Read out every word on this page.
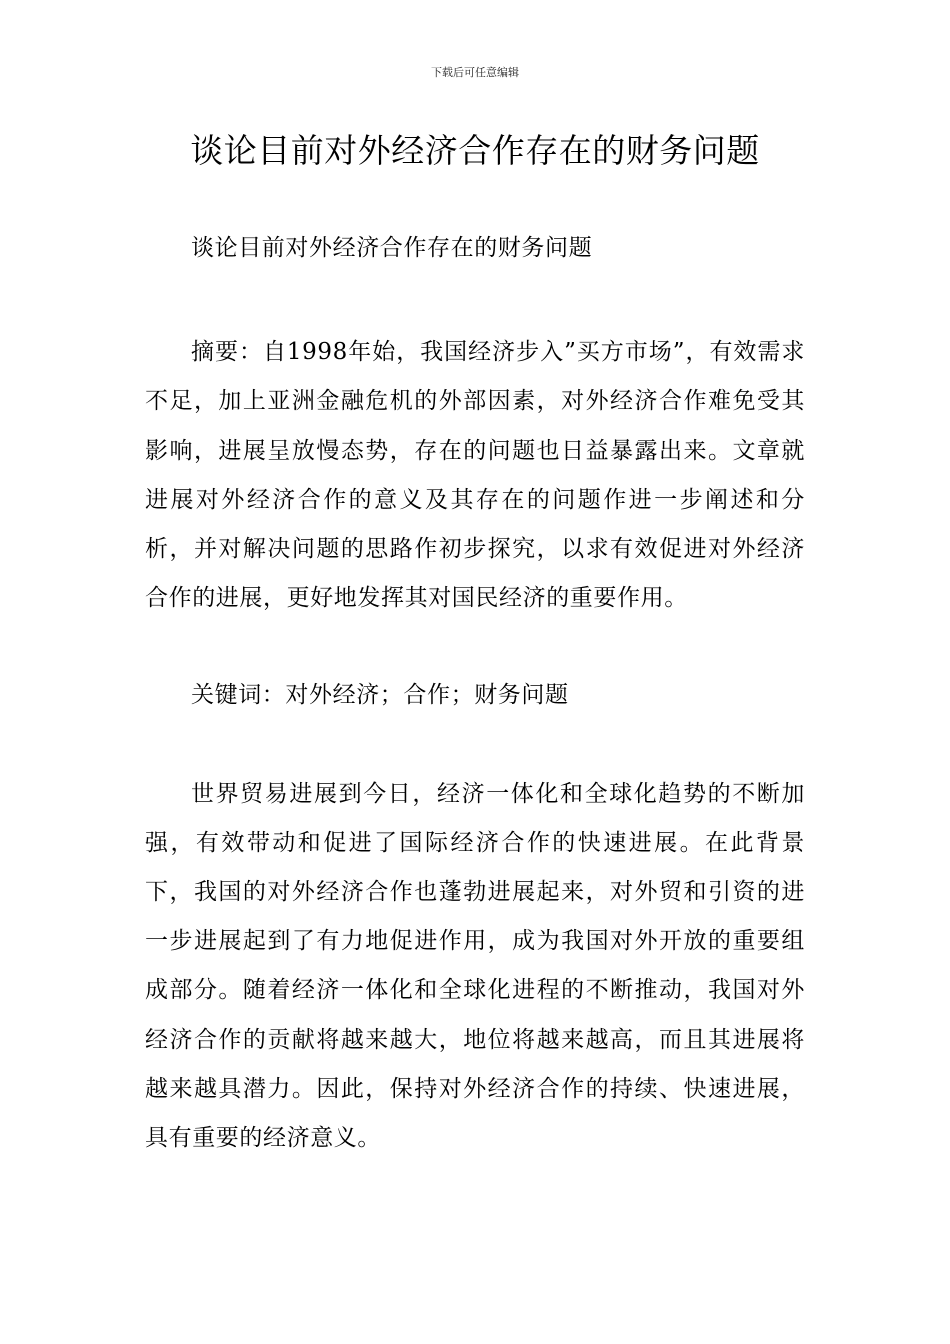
下载后可任意编辑
谈论目前对外经济合作存在的财务问题

谈论目前对外经济合作存在的财务问题

摘要：自1998年始，我国经济步入”买方市场”，有效需求不足，加上亚洲金融危机的外部因素，对外经济合作难免受其影响，进展呈放慢态势，存在的问题也日益暴露出来。文章就进展对外经济合作的意义及其存在的问题作进一步阐述和分析，并对解决问题的思路作初步探究，以求有效促进对外经济合作的进展，更好地发挥其对国民经济的重要作用。

关键词：对外经济；合作；财务问题

世界贸易进展到今日，经济一体化和全球化趋势的不断加强，有效带动和促进了国际经济合作的快速进展。在此背景下，我国的对外经济合作也蓬勃进展起来，对外贸和引资的进一步进展起到了有力地促进作用，成为我国对外开放的重要组成部分。随着经济一体化和全球化进程的不断推动，我国对外经济合作的贡献将越来越大，地位将越来越高，而且其进展将越来越具潜力。因此，保持对外经济合作的持续、快速进展，具有重要的经济意义。
